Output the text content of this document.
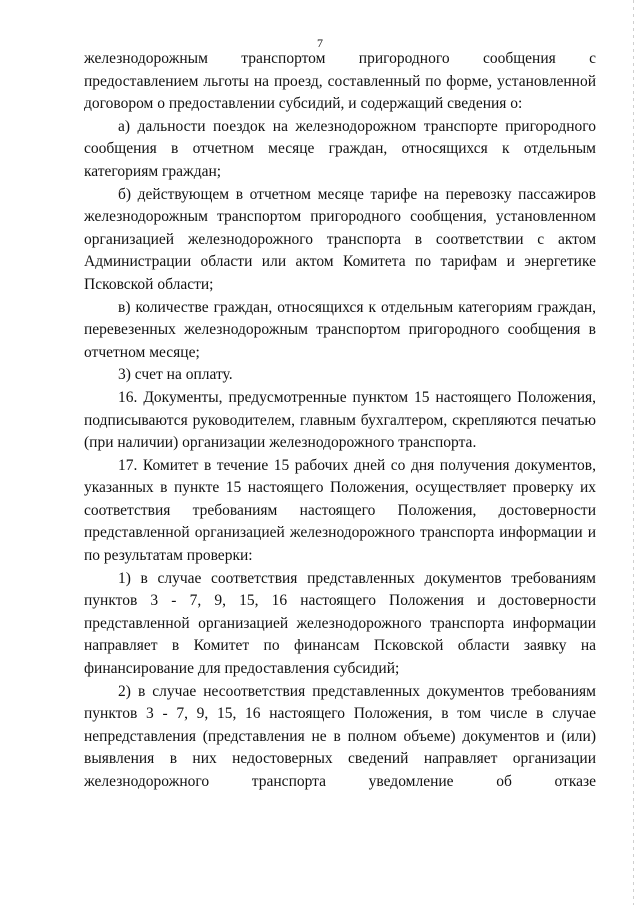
7

железнодорожным транспортом пригородного сообщения с предоставлением льготы на проезд, составленный по форме, установленной договором о предоставлении субсидий, и содержащий сведения о:

а) дальности поездок на железнодорожном транспорте пригородного сообщения в отчетном месяце граждан, относящихся к отдельным категориям граждан;

б) действующем в отчетном месяце тарифе на перевозку пассажиров железнодорожным транспортом пригородного сообщения, установленном организацией железнодорожного транспорта в соответствии с актом Администрации области или актом Комитета по тарифам и энергетике Псковской области;

в) количестве граждан, относящихся к отдельным категориям граждан, перевезенных железнодорожным транспортом пригородного сообщения в отчетном месяце;

3) счет на оплату.

16. Документы, предусмотренные пунктом 15 настоящего Положения, подписываются руководителем, главным бухгалтером, скрепляются печатью (при наличии) организации железнодорожного транспорта.

17. Комитет в течение 15 рабочих дней со дня получения документов, указанных в пункте 15 настоящего Положения, осуществляет проверку их соответствия требованиям настоящего Положения, достоверности представленной организацией железнодорожного транспорта информации и по результатам проверки:

1) в случае соответствия представленных документов требованиям пунктов 3 - 7, 9, 15, 16 настоящего Положения и достоверности представленной организацией железнодорожного транспорта информации направляет в Комитет по финансам Псковской области заявку на финансирование для предоставления субсидий;

2) в случае несоответствия представленных документов требованиям пунктов 3 - 7, 9, 15, 16 настоящего Положения, в том числе в случае непредставления (представления не в полном объеме) документов и (или) выявления в них недостоверных сведений направляет организации железнодорожного транспорта уведомление об отказе
